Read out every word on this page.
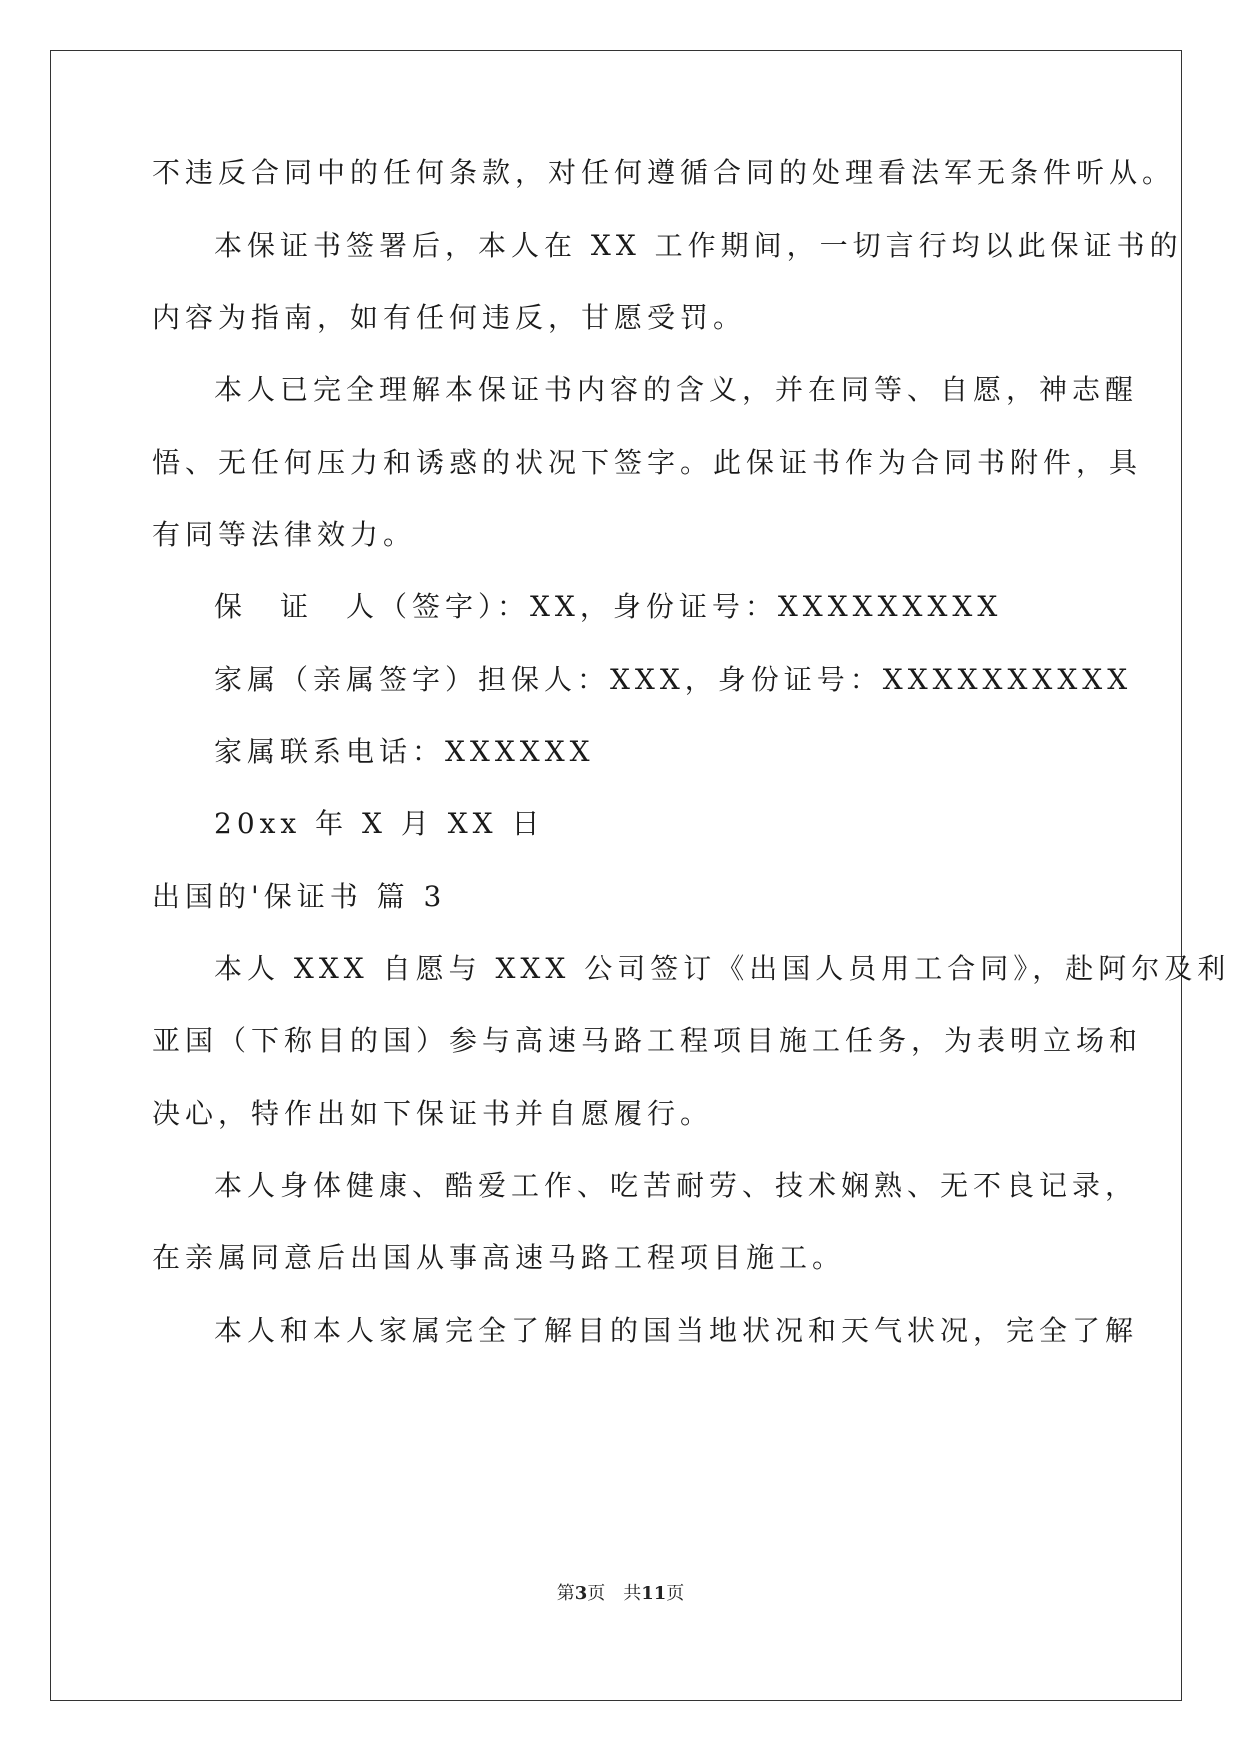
不违反合同中的任何条款，对任何遵循合同的处理看法军无条件听从。
本保证书签署后，本人在 XX 工作期间，一切言行均以此保证书的
内容为指南，如有任何违反，甘愿受罚。
本人已完全理解本保证书内容的含义，并在同等、自愿，神志醒
悟、无任何压力和诱惑的状况下签字。此保证书作为合同书附件，具
有同等法律效力。
保　证　人（签字）：XX，身份证号：XXXXXXXXX
家属（亲属签字）担保人：XXX，身份证号：XXXXXXXXXX
家属联系电话：XXXXXX
20xx 年 X 月 XX 日
出国的'保证书 篇 3
本人 XXX 自愿与 XXX 公司签订《出国人员用工合同》，赴阿尔及利
亚国（下称目的国）参与高速马路工程项目施工任务，为表明立场和
决心，特作出如下保证书并自愿履行。
本人身体健康、酷爱工作、吃苦耐劳、技术娴熟、无不良记录，
在亲属同意后出国从事高速马路工程项目施工。
本人和本人家属完全了解目的国当地状况和天气状况，完全了解
第3页　共11页
